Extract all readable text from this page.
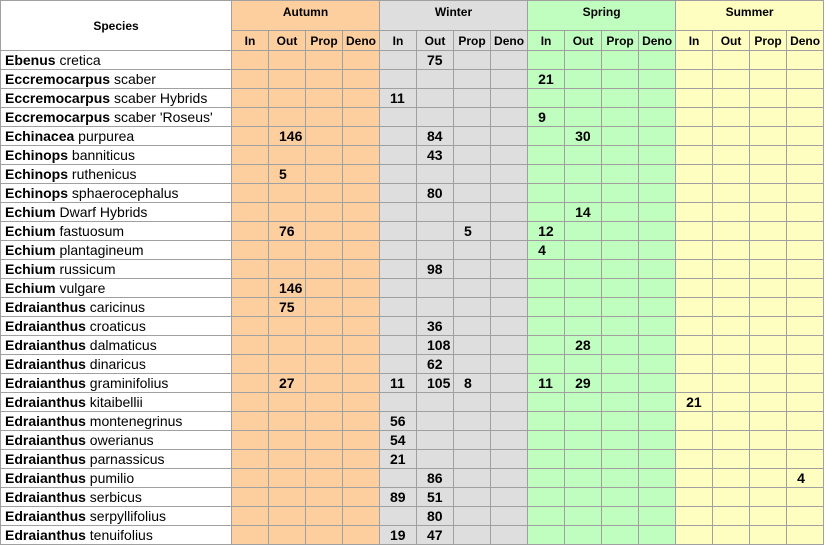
Species	Autumn				Winter				Spring				Summer			
	In	Out	Prop	Deno	In	Out	Prop	Deno	In	Out	Prop	Deno	In	Out	Prop	Deno
Ebenus cretica						75										
Eccremocarpus scaber									21							
Eccremocarpus scaber Hybrids					11											
Eccremocarpus scaber 'Roseus'									9							
Echinacea purpurea		146				84				30						
Echinops banniticus						43										
Echinops ruthenicus		5														
Echinops sphaerocephalus						80										
Echium Dwarf Hybrids										14						
Echium fastuosum		76					5		12							
Echium plantagineum									4							
Echium russicum						98										
Echium vulgare		146														
Edraianthus caricinus		75														
Edraianthus croaticus						36										
Edraianthus dalmaticus						108				28						
Edraianthus dinaricus						62										
Edraianthus graminifolius		27			11	105	8		11	29						
Edraianthus kitaibellii													21			
Edraianthus montenegrinus					56											
Edraianthus owerianus					54											
Edraianthus parnassicus					21											
Edraianthus pumilio						86										4
Edraianthus serbicus					89	51										
Edraianthus serpyllifolius						80										
Edraianthus tenuifolius					19	47										
